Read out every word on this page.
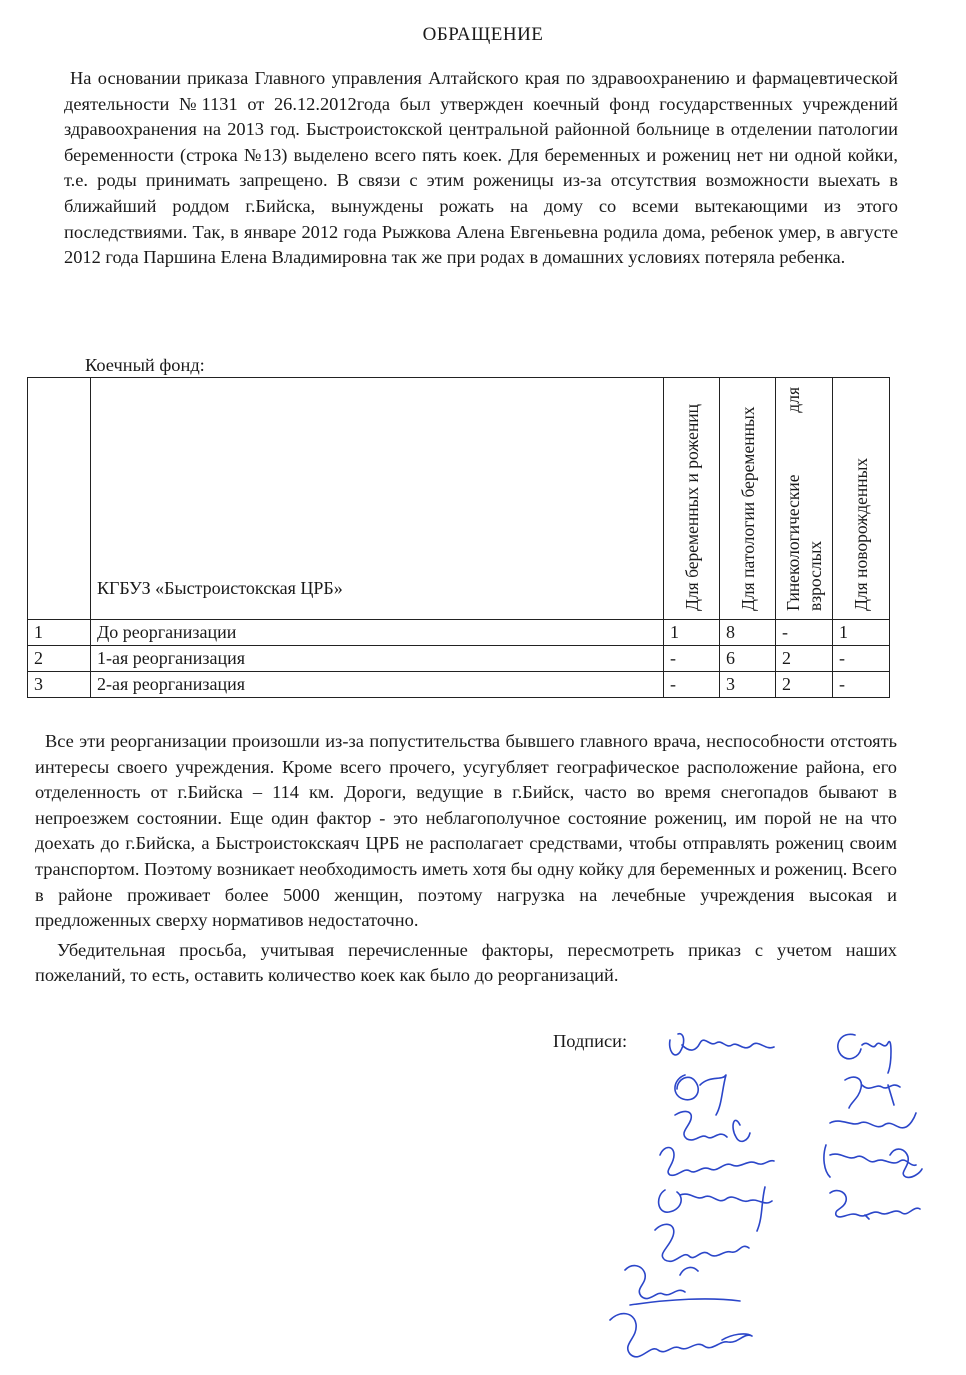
ОБРАЩЕНИЕ

На основании приказа Главного управления Алтайского края по здравоохранению и фармацевтической деятельности №1131 от 26.12.2012года был утвержден коечный фонд государственных учреждений здравоохранения на 2013 год. Быстроистокской центральной районной больнице в отделении патологии беременности (строка №13) выделено всего пять коек. Для беременных и рожениц нет ни одной койки, т.е. роды принимать запрещено. В связи с этим роженицы из-за отсутствия возможности выехать в ближайший роддом г.Бийска, вынуждены рожать на дому со всеми вытекающими из этого последствиями. Так, в январе 2012 года Рыжкова Алена Евгеньевна родила дома, ребенок умер, в августе 2012 года Паршина Елена Владимировна так же при родах в домашних условиях потеряла ребенка.

Коечный фонд:
	КГБУЗ «Быстроистокская ЦРБ»	Для беременных и рожениц	Для патологии беременных	Гинекологические для взрослых	Для новорожденных

1	До реорганизации	1	8	-	1
2	1-ая реорганизация	-	6	2	-
3	2-ая реорганизация	-	3	2	-

Все эти реорганизации произошли из-за попустительства бывшего главного врача, неспособности отстоять интересы своего учреждения. Кроме всего прочего, усугубляет географическое расположение района, его отделенность от г.Бийска – 114 км. Дороги, ведущие в г.Бийск, часто во время снегопадов бывают в непроезжем состоянии. Еще один фактор - это неблагополучное состояние рожениц, им порой не на что доехать до г.Бийска, а Быстроистокскаяч ЦРБ не располагает средствами, чтобы отправлять рожениц своим транспортом. Поэтому возникает необходимость иметь хотя бы одну койку для беременных и рожениц. Всего в районе проживает более 5000 женщин, поэтому нагрузка на лечебные учреждения высокая и предложенных сверху нормативов недостаточно.

Убедительная просьба, учитывая перечисленные факторы, пересмотреть приказ с учетом наших пожеланий, то есть, оставить количество коек как было до реорганизаций.

Подписи:
